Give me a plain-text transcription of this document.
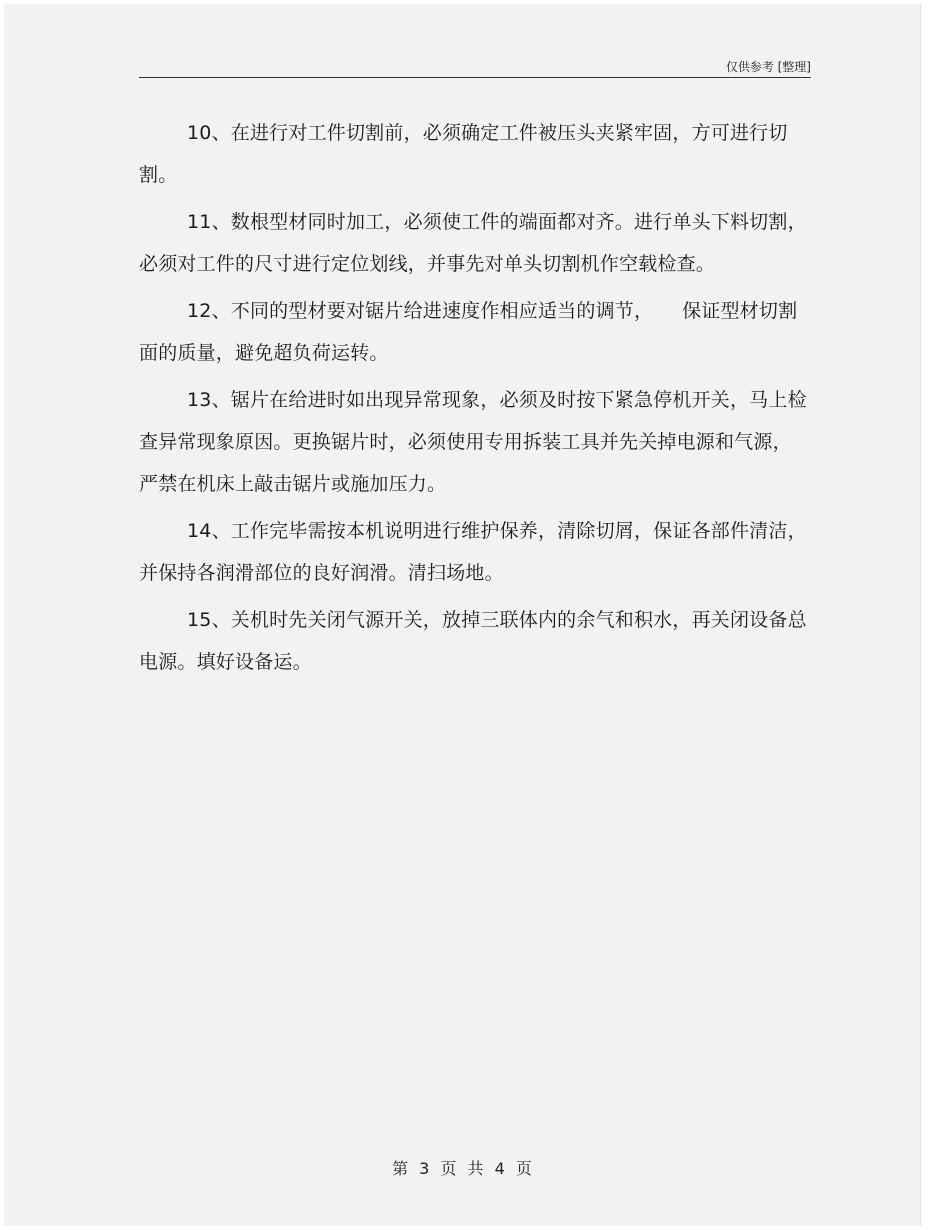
仅供参考 [整理]

10、在进行对工件切割前，必须确定工件被压头夹紧牢固，方可进行切割。

11、数根型材同时加工，必须使工件的端面都对齐。进行单头下料切割，必须对工件的尺寸进行定位划线，并事先对单头切割机作空载检查。

12、不同的型材要对锯片给进速度作相应适当的调节，　　保证型材切割面的质量，避免超负荷运转。

13、锯片在给进时如出现异常现象，必须及时按下紧急停机开关，马上检查异常现象原因。更换锯片时，必须使用专用拆装工具并先关掉电源和气源，严禁在机床上敲击锯片或施加压力。

14、工作完毕需按本机说明进行维护保养，清除切屑，保证各部件清洁，并保持各润滑部位的良好润滑。清扫场地。

15、关机时先关闭气源开关，放掉三联体内的余气和积水，再关闭设备总电源。填好设备运。

第 3 页 共 4 页
